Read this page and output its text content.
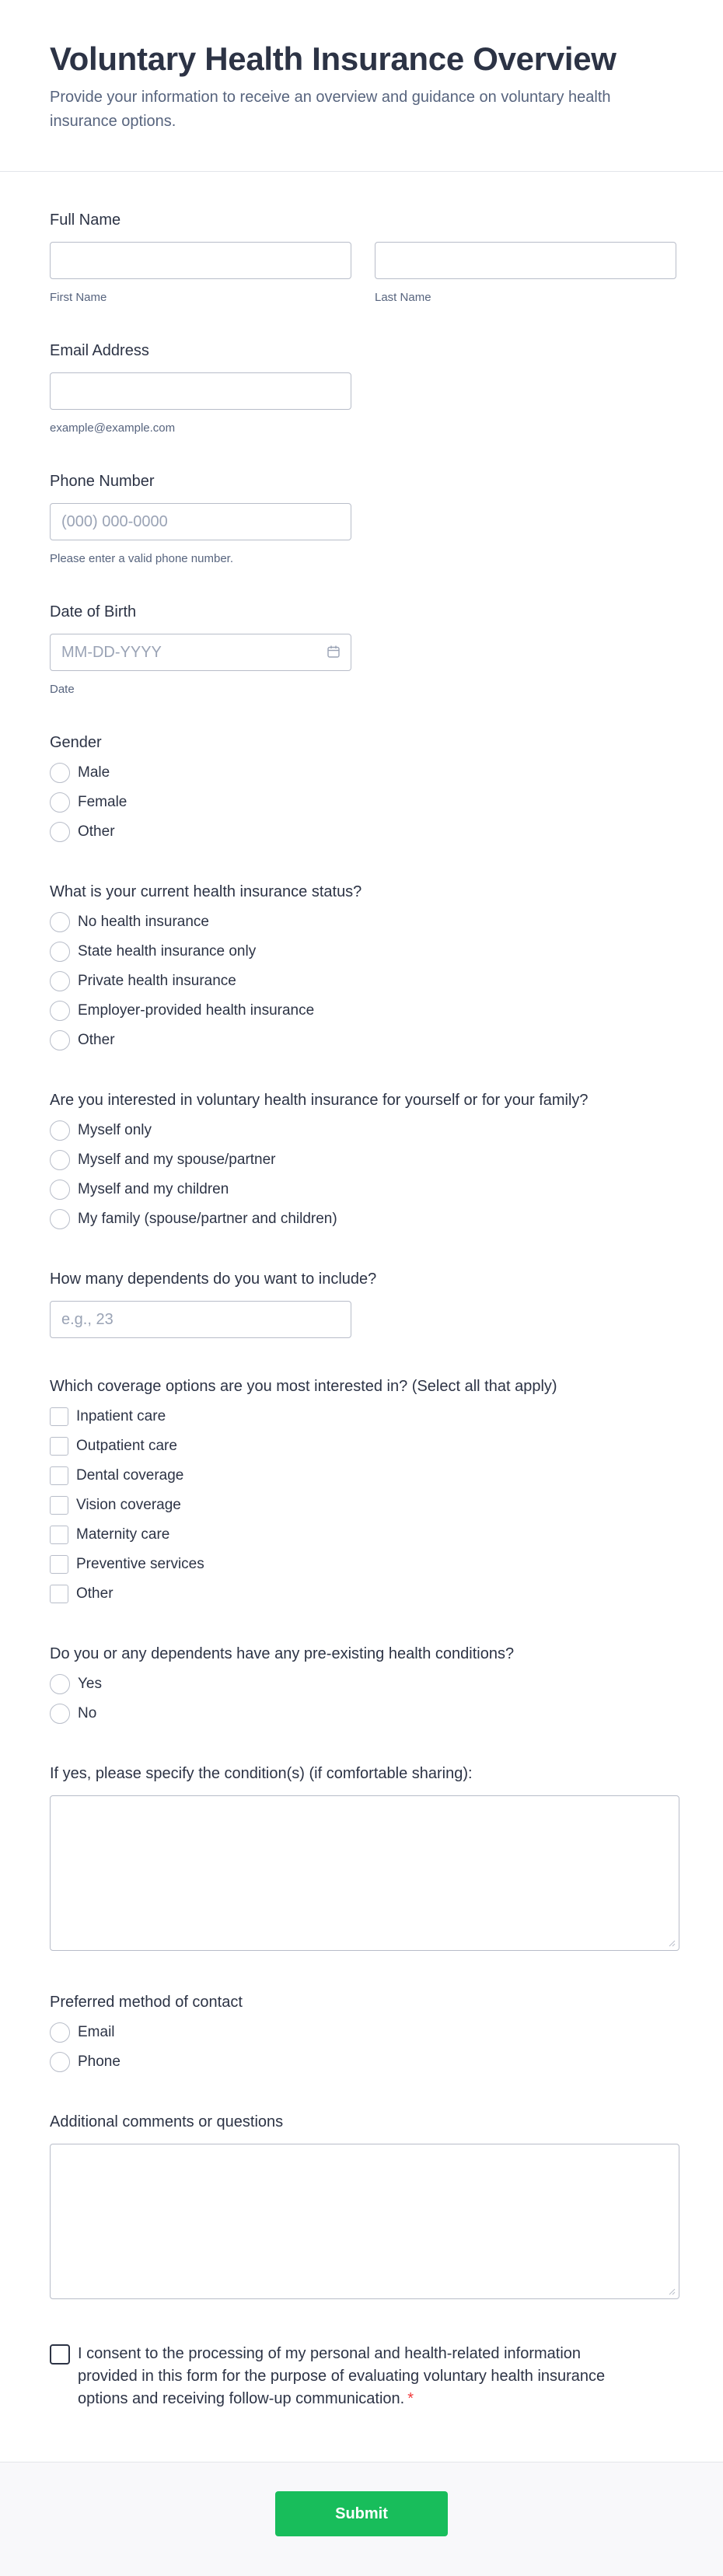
Voluntary Health Insurance Overview

Provide your information to receive an overview and guidance on voluntary health insurance options.

Full Name
First Name	Last Name
Email Address
example@example.com
Phone Number
(000) 000-0000
Please enter a valid phone number.
Date of Birth
MM-DD-YYYY
Date
Gender
Male
Female
Other
What is your current health insurance status?
No health insurance
State health insurance only
Private health insurance
Employer-provided health insurance
Other
Are you interested in voluntary health insurance for yourself or for your family?
Myself only
Myself and my spouse/partner
Myself and my children
My family (spouse/partner and children)
How many dependents do you want to include?
e.g., 23
Which coverage options are you most interested in? (Select all that apply)
Inpatient care
Outpatient care
Dental coverage
Vision coverage
Maternity care
Preventive services
Other
Do you or any dependents have any pre-existing health conditions?
Yes
No
If yes, please specify the condition(s) (if comfortable sharing):
Preferred method of contact
Email
Phone
Additional comments or questions
I consent to the processing of my personal and health-related information provided in this form for the purpose of evaluating voluntary health insurance options and receiving follow-up communication. *
Submit
